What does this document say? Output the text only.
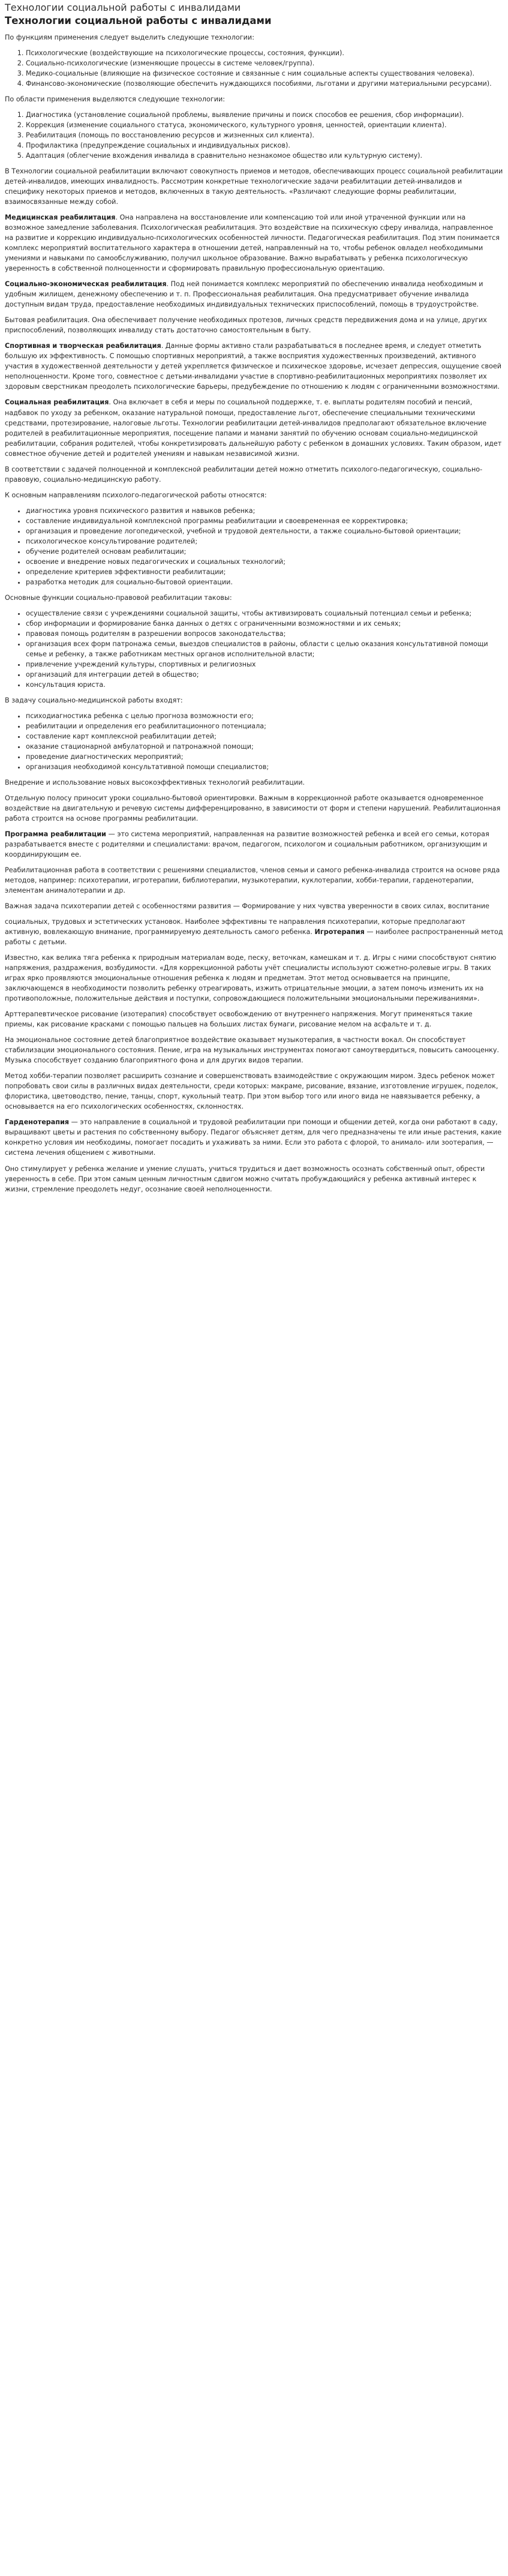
Технологии социальной работы с инвалидами
Технологии социальной работы с инвалидами

По функциям применения следует выделить следующие технологии:

1. Психологические (воздействующие на психологические процессы, состояния, функции).
2. Социально-психологические (изменяющие процессы в системе человек/группа).
3. Медико-социальные (влияющие на физическое состояние и связанные с ним социальные аспекты существования человека).
4. Финансово-экономические (позволяющие обеспечить нуждающихся пособиями, льготами и другими материальными ресурсами).

По области применения выделяются следующие технологии:

1. Диагностика (установление социальной проблемы, выявление причины и поиск способов ее решения, сбор информации).
2. Коррекция (изменение социального статуса, экономического, культурного уровня, ценностей, ориентации клиента).
3. Реабилитация (помощь по восстановлению ресурсов и жизненных сил клиента).
4. Профилактика (предупреждение социальных и индивидуальных рисков).
5. Адаптация (облегчение вхождения инвалида в сравнительно незнакомое общество или культурную систему).

В Технологии социальной реабилитации включают совокупность приемов и методов, обеспечивающих процесс социальной реабилитации детей-инвалидов, имеющих инвалидность. Рассмотрим конкретные технологические задачи реабилитации детей-инвалидов и специфику некоторых приемов и методов, включенных в такую деятельность. «Различают следующие формы реабилитации, взаимосвязанные между собой.

Медицинская реабилитация. Она направлена на восстановление или компенсацию той или иной утраченной функции или на возможное замедление заболевания. Психологическая реабилитация. Это воздействие на психическую сферу инвалида, направленное на развитие и коррекцию индивидуально-психологических особенностей личности. Педагогическая реабилитация. Под этим понимается комплекс мероприятий воспитательного характера в отношении детей, направленный на то, чтобы ребенок овладел необходимыми умениями и навыками по самообслуживанию, получил школьное образование. Важно вырабатывать у ребенка психологическую уверенность в собственной полноценности и сформировать правильную профессиональную ориентацию.

Социально-экономическая реабилитация. Под ней понимается комплекс мероприятий по обеспечению инвалида необходимым и удобным жилищем, денежному обеспечению и т. п. Профессиональная реабилитация. Она предусматривает обучение инвалида доступным видам труда, предоставление необходимых индивидуальных технических приспособлений, помощь в трудоустройстве.

Бытовая реабилитация. Она обеспечивает получение необходимых протезов, личных средств передвижения дома и на улице, других приспособлений, позволяющих инвалиду стать достаточно самостоятельным в быту.

Спортивная и творческая реабилитация. Данные формы активно стали разрабатываться в последнее время, и следует отметить большую их эффективность. С помощью спортивных мероприятий, а также восприятия художественных произведений, активного участия в художественной деятельности у детей укрепляется физическое и психическое здоровье, исчезает депрессия, ощущение своей неполноценности. Кроме того, совместное с детьми-инвалидами участие в спортивно-реабилитационных мероприятиях позволяет их здоровым сверстникам преодолеть психологические барьеры, предубеждение по отношению к людям с ограниченными возможностями.

Социальная реабилитация. Она включает в себя и меры по социальной поддержке, т. е. выплаты родителям пособий и пенсий, надбавок по уходу за ребенком, оказание натуральной помощи, предоставление льгот, обеспечение специальными техническими средствами, протезирование, налоговые льготы. Технологии реабилитации детей-инвалидов предполагают обязательное включение родителей в реабилитационные мероприятия, посещение папами и мамами занятий по обучению основам социально-медицинской реабилитации, собрания родителей, чтобы конкретизировать дальнейшую работу с ребенком в домашних условиях. Таким образом, идет совместное обучение детей и родителей умениям и навыкам независимой жизни.

В соответствии с задачей полноценной и комплексной реабилитации детей можно отметить психолого-педагогическую, социально-правовую, социально-медицинскую работу.

К основным направлениям психолого-педагогической работы относятся:

• диагностика уровня психического развития и навыков ребенка;
• составление индивидуальной комплексной программы реабилитации и своевременная ее корректировка;
• организация и проведение логопедической, учебной и трудовой деятельности, а также социально-бытовой ориентации;
• психологическое консультирование родителей;
• обучение родителей основам реабилитации;
• освоение и внедрение новых педагогических и социальных технологий;
• определение критериев эффективности реабилитации;
• разработка методик для социально-бытовой ориентации.

Основные функции социально-правовой реабилитации таковы:

• осуществление связи с учреждениями социальной защиты, чтобы активизировать социальный потенциал семьи и ребенка;
• сбор информации и формирование банка данных о детях с ограниченными возможностями и их семьях;
• правовая помощь родителям в разрешении вопросов законодательства;
• организация всех форм патронажа семьи, выездов специалистов в районы, области с целью оказания консультативной помощи семье и ребенку, а также работникам местных органов исполнительной власти;
• привлечение учреждений культуры, спортивных и религиозных
• организаций для интеграции детей в общество;
• консультация юриста.

В задачу социально-медицинской работы входят:

• психодиагностика ребенка с целью прогноза возможности его;
• реабилитации и определения его реабилитационного потенциала;
• составление карт комплексной реабилитации детей;
• оказание стационарной амбулаторной и патронажной помощи;
• проведение диагностических мероприятий;
• организация необходимой консультативной помощи специалистов;

Внедрение и использование новых высокоэффективных технологий реабилитации.

Отдельную полосу приносит уроки социально-бытовой ориентировки. Важным в коррекционной работе оказывается одновременное воздействие на двигательную и речевую системы дифференцированно, в зависимости от форм и степени нарушений. Реабилитационная работа строится на основе программы реабилитации.

Программа реабилитации — это система мероприятий, направленная на развитие возможностей ребенка и всей его семьи, которая разрабатывается вместе с родителями и специалистами: врачом, педагогом, психологом и социальным работником, организующим и координирующим ее.

Реабилитационная работа в соответствии с решениями специалистов, членов семьи и самого ребенка-инвалида строится на основе ряда методов, например: психотерапии, игротерапии, библиотерапии, музыкотерапии, куклотерапии, хобби-терапии, гарденотерапии, элементам анималотерапии и др.

Важная задача психотерапии детей с особенностями развития — Формирование у них чувства уверенности в своих силах, воспитание

социальных, трудовых и эстетических установок. Наиболее эффективны те направления психотерапии, которые предполагают активную, вовлекающую внимание, программируемую деятельность самого ребенка. Игротерапия — наиболее распространенный метод работы с детьми.

Известно, как велика тяга ребенка к природным материалам водe, песку, веточкам, камешкам и т. д. Игры с ними способствуют снятию напряжения, раздражения, возбудимости. «Для коррекционной работы учёт специалисты используют сюжетно-ролевые игры. В таких играх ярко проявляются эмоциональные отношения ребенка к людям и предметам. Этот метод основывается на принципе, заключающемся в необходимости позволить ребенку отреагировать, изжить отрицательные эмоции, а затем помочь изменить их на противоположные, положительные действия и поступки, сопровождающиеся положительными эмоциональными переживаниями».

Арттерапевтическое рисование (изотерапия) способствует освобождению от внутреннего напряжения. Могут применяться такие приемы, как рисование красками с помощью пальцев на больших листах бумаги, рисование мелом на асфальте и т. д.

На эмоциональное состояние детей благоприятное воздействие оказывает музыкотерапия, в частности вокал. Он способствует стабилизации эмоционального состояния. Пение, игра на музыкальных инструментах помогают самоутвердиться, повысить самооценку. Музыка способствует созданию благоприятного фона и для других видов терапии.

Метод хобби-терапии позволяет расширить сознание и совершенствовать взаимодействие с окружающим миром. Здесь ребенок может попробовать свои силы в различных видах деятельности, среди которых: макраме, рисование, вязание, изготовление игрушек, поделок, флористика, цветоводство, пение, танцы, спорт, кукольный театр. При этом выбор того или иного вида не навязывается ребенку, а основывается на его психологических особенностях, склонностях.

Гарденотерапия — это направление в социальной и трудовой реабилитации при помощи и общении детей, когда они работают в саду, выращивают цветы и растения по собственному выбору. Педагог объясняет детям, для чего предназначены те или иные растения, какие конкретно условия им необходимы, помогает посадить и ухаживать за ними. Если это работа с флорой, то анимало- или зоотерапия, — система лечения общением с животными.

Оно стимулирует у ребенка желание и умение слушать, учиться трудиться и дает возможность осознать собственный опыт, обрести уверенность в себе. При этом самым ценным личностным сдвигом можно считать пробуждающийся у ребенка активный интерес к жизни, стремление преодолеть недуг, осознание своей неполноценности.
